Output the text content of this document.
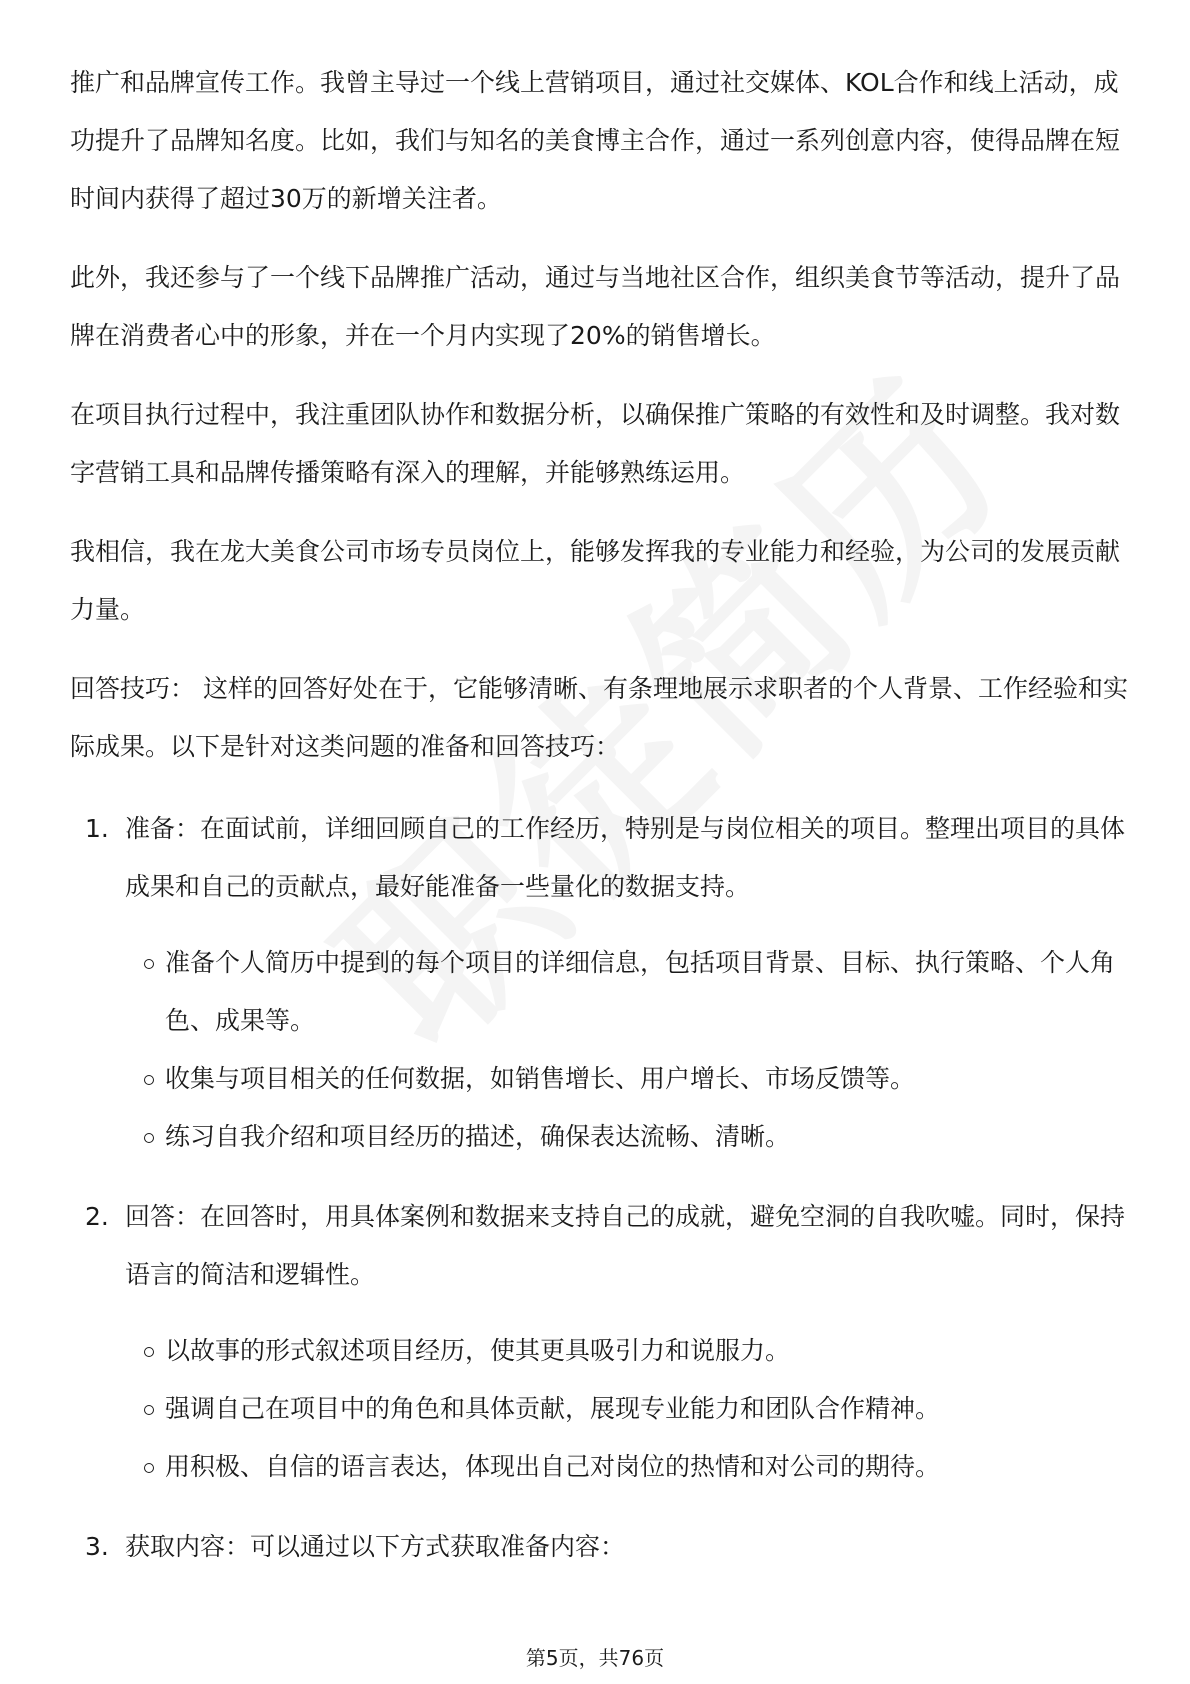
推广和品牌宣传工作。我曾主导过一个线上营销项目，通过社交媒体、KOL合作和线上活动，成功提升了品牌知名度。比如，我们与知名的美食博主合作，通过一系列创意内容，使得品牌在短时间内获得了超过30万的新增关注者。

此外，我还参与了一个线下品牌推广活动，通过与当地社区合作，组织美食节等活动，提升了品牌在消费者心中的形象，并在一个月内实现了20%的销售增长。

在项目执行过程中，我注重团队协作和数据分析，以确保推广策略的有效性和及时调整。我对数字营销工具和品牌传播策略有深入的理解，并能够熟练运用。

我相信，我在龙大美食公司市场专员岗位上，能够发挥我的专业能力和经验，为公司的发展贡献力量。

回答技巧： 这样的回答好处在于，它能够清晰、有条理地展示求职者的个人背景、工作经验和实际成果。以下是针对这类问题的准备和回答技巧：

1. 准备：在面试前，详细回顾自己的工作经历，特别是与岗位相关的项目。整理出项目的具体成果和自己的贡献点，最好能准备一些量化的数据支持。
准备个人简历中提到的每个项目的详细信息，包括项目背景、目标、执行策略、个人角色、成果等。
收集与项目相关的任何数据，如销售增长、用户增长、市场反馈等。
练习自我介绍和项目经历的描述，确保表达流畅、清晰。
2. 回答：在回答时，用具体案例和数据来支持自己的成就，避免空洞的自我吹嘘。同时，保持语言的简洁和逻辑性。
以故事的形式叙述项目经历，使其更具吸引力和说服力。
强调自己在项目中的角色和具体贡献，展现专业能力和团队合作精神。
用积极、自信的语言表达，体现出自己对岗位的热情和对公司的期待。
3. 获取内容：可以通过以下方式获取准备内容：
第5页，共76页
